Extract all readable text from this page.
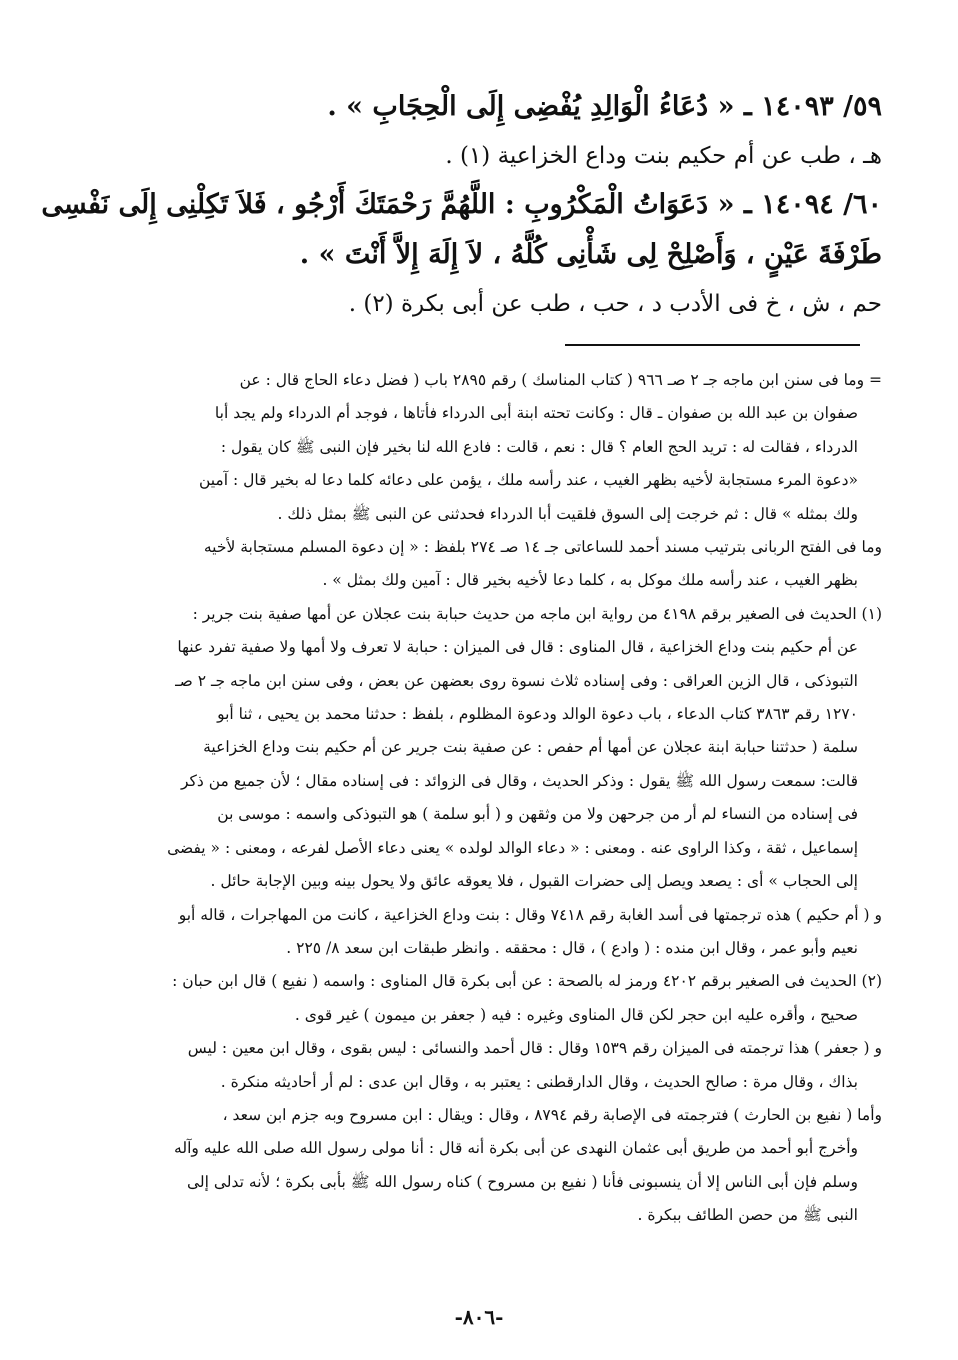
٥٩/ ١٤٠٩٣ ـ « دُعَاءُ الْوَالِدِ يُفْضِى إِلَى الْحِجَابِ » .

هـ ، طب عن أم حكيم بنت وداع الخزاعية (١) .

٦٠/ ١٤٠٩٤ ـ « دَعَوَاتُ الْمَكْرُوبِ : اللَّهُمَّ رَحْمَتَكَ أَرْجُو ، فَلاَ تَكِلْنِى إِلَى نَفْسِى

طَرْفَةَ عَيْنٍ ، وَأَصْلِحْ لِى شَأْنِى كُلَّهُ ، لاَ إِلَهَ إِلاَّ أَنْتَ » .

حم ، ش ، خ فى الأدب د ، حب ، طب عن أبى بكرة (٢) .

= وما فى سنن ابن ماجه جـ ٢ صـ ٩٦٦ ( كتاب المناسك ) رقم ٢٨٩٥ باب ( فضل دعاء الحاج قال : عن

صفوان بن عبد الله بن صفوان ـ قال : وكانت تحته ابنة أبى الدرداء فأتاها ، فوجد أم الدرداء ولم يجد أبا

الدرداء ، فقالت له : تريد الحج العام ؟ قال : نعم ، قالت : فادع الله لنا بخير فإن النبى ﷺ كان يقول :

«دعوة المرء مستجابة لأخيه بظهر الغيب ، عند رأسه ملك ، يؤمن على دعائه كلما دعا له بخير قال : آمين

ولك بمثله » قال : ثم خرجت إلى السوق فلقيت أبا الدرداء فحدثنى عن النبى ﷺ بمثل ذلك .

وما فى الفتح الربانى بترتيب مسند أحمد للساعاتى جـ ١٤ صـ ٢٧٤ بلفظ : « إن دعوة المسلم مستجابة لأخيه

بظهر الغيب ، عند رأسه ملك موكل به ، كلما دعا لأخيه بخير قال : آمين ولك بمثل » .

(١) الحديث فى الصغير برقم ٤١٩٨ من رواية ابن ماجه من حديث حبابة بنت عجلان عن أمها صفية بنت جرير :

عن أم حكيم بنت وداع الخزاعية ، قال المناوى : قال فى الميزان : حبابة لا تعرف ولا أمها ولا صفية تفرد عنها

التبوذكى ، قال الزين العراقى : وفى إسناده ثلاث نسوة روى بعضهن عن بعض ، وفى سنن ابن ماجه جـ ٢ صـ

١٢٧٠ رقم ٣٨٦٣ كتاب الدعاء ، باب دعوة الوالد ودعوة المظلوم ، بلفظ : حدثنا محمد بن يحيى ، ثنا أبو

سلمة ( حدثتنا حبابة ابنة عجلان عن أمها أم حفص : عن صفية بنت جرير عن أم حكيم بنت وداع الخزاعية

قالت: سمعت رسول الله ﷺ يقول : وذكر الحديث ، وقال فى الزوائد : فى إسناده مقال ؛ لأن جميع من ذكر

فى إسناده من النساء لم أر من جرحهن ولا من وثقهن و ( أبو سلمة ) هو التبوذكى واسمه : موسى بن

إسماعيل ، ثقة ، وكذا الراوى عنه . ومعنى : « دعاء الوالد لولده » يعنى دعاء الأصل لفرعه ، ومعنى : « يفضى

إلى الحجاب » أى : يصعد ويصل إلى حضرات القبول ، فلا يعوقه عائق ولا يحول بينه وبين الإجابة حائل .

و ( أم حكيم ) هذه ترجمتها فى أسد الغابة رقم ٧٤١٨ وقال : بنت وداع الخزاعية ، كانت من المهاجرات ، قاله أبو

نعيم وأبو عمر ، وقال ابن منده : ( وادع ) ، قال : محققه . وانظر طبقات ابن سعد ٨/ ٢٢٥ .

(٢) الحديث فى الصغير برقم ٤٢٠٢ ورمز له بالصحة : عن أبى بكرة قال المناوى : واسمه ( نفيع ) قال ابن حبان :

صحيح ، وأقره عليه ابن حجر لكن قال المناوى وغيره : فيه ( جعفر بن ميمون ) غير قوى .

و ( جعفر ) هذا ترجمته فى الميزان رقم ١٥٣٩ وقال : قال أحمد والنسائى : ليس بقوى ، وقال ابن معين : ليس

بذاك ، وقال مرة : صالح الحديث ، وقال الدارقطنى : يعتبر به ، وقال ابن عدى : لم أر أحاديثه منكرة .

وأما ( نفيع بن الحارث ) فترجمته فى الإصابة رقم ٨٧٩٤ ، وقال : ويقال : ابن مسروح وبه جزم ابن سعد ،

وأخرج أبو أحمد من طريق أبى عثمان النهدى عن أبى بكرة أنه قال : أنا مولى رسول الله صلى الله عليه وآله

وسلم فإن أبى الناس إلا أن ينسبونى فأنا ( نفيع بن مسروح ) كناه رسول الله ﷺ بأبى بكرة ؛ لأنه تدلى إلى

النبى ﷺ من حصن الطائف ببكرة .

-٨٠٦-
